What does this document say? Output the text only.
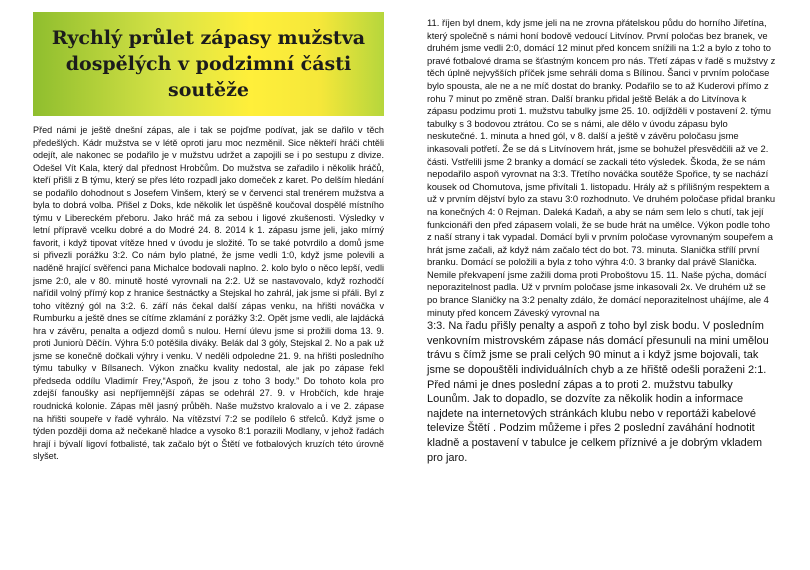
Rychlý průlet zápasy mužstva dospělých v podzimní části soutěže

Před námi je ještě dnešní zápas, ale i tak se pojďme podívat, jak se dařilo v těch předešlých. Kádr mužstva se v létě oproti jaru moc nezměnil. Sice někteří hráči chtěli odejít, ale nakonec se podařilo je v mužstvu udržet a zapojili se i po sestupu z divize. Odešel Vít Kala, který dal přednost Hrobčům. Do mužstva se zařadilo i několik hráčů, kteří přišli z B týmu, který se přes léto rozpadl jako domeček z karet. Po delším hledání se podařilo dohodnout s Josefem Vinšem, který se v červenci stal trenérem mužstva a byla to dobrá volba. Přišel z Doks, kde několik let úspěšně koučoval dospělé místního týmu v Libereckém přeboru. Jako hráč má za sebou i ligové zkušenosti. Výsledky v letní přípravě vcelku dobré a do Modré 24. 8. 2014 k 1. zápasu jsme jeli, jako mírný favorit, i když tipovat vítěze hned v úvodu je složité. To se také potvrdilo a domů jsme si přivezli porážku 3:2. Co nám bylo platné, že jsme vedli 1:0, když jsme polevili a naděně hrající svěřenci pana Michalce bodovali naplno. 2. kolo bylo o něco lepší, vedli jsme 2:0, ale v 80. minutě hosté vyrovnali na 2:2. Už se nastavovalo, když rozhodčí nařídil volný přímý kop z hranice šestnáctky a Stejskal ho zahrál, jak jsme si přáli. Byl z toho vítězný gól na 3:2. 6. září nás čekal další zápas venku, na hřišti nováčka v Rumburku a ještě dnes se cítíme zklamání z porážky 3:2. Opět jsme vedli, ale lajdácká hra v závěru, penalta a odjezd domů s nulou. Herní úlevu jsme si prožili doma 13. 9. proti Juniorù Děčín. Výhra 5:0 potěšila diváky. Belák dal 3 góly, Stejskal 2. No a pak už jsme se konečně dočkali výhry i venku. V neděli odpoledne 21. 9. na hřišti posledního týmu tabulky v Bílsanech. Výkon značku kvality nedostal, ale jak po zápase řekl předseda oddílu Vladimír Frey,“Aspoň, že jsou z toho 3 body.” Do tohoto kola pro zdejší fanoušky asi nepříjemnější zápas se odehrál 27. 9. v Hrobčích, kde hraje roudnická kolonie. Zápas měl jasný průběh. Naše mužstvo kralovalo a i ve 2. zápase na hřišti soupeře v řadě vyhrálo. Na vítězství 7:2 se podílelo 6 střelců. Když jsme o týden později doma až nečekaně hladce a vysoko 8:1 porazili Modlany, v jehož řadách hrají i bývalí ligoví fotbalisté, tak začalo být o Štětí ve fotbalových kruzích této úrovně slyšet.

11. říjen byl dnem, kdy jsme jeli na ne zrovna přátelskou půdu do horního Jiřetína, který společně s námi honí bodově vedoucí Litvínov. První poločas bez branek, ve druhém jsme vedli 2:0, domácí 12 minut před koncem snížili na 1:2 a bylo z toho to pravé fotbalové drama se šťastným koncem pro nás. Třetí zápas v řadě s mužstvy z těch úplně nejvyšších příček jsme sehráli doma s Bílinou. Šanci v prvním poločase bylo spousta, ale ne a ne míč dostat do branky. Podařilo se to až Kuderovi přímo z rohu 7 minut po změně stran. Další branku přidal ještě Belák a do Litvínova k zápasu podzimu proti 1. mužstvu tabulky jsme 25. 10. odjížděli v postavení 2. týmu tabulky s 3 bodovou ztrátou. Co se s námi, ale dělo v úvodu zápasu bylo neskutečné. 1. minuta a hned gól, v 8. další a ještě v závěru poločasu jsme inkasovali potřetí. Že se dá s Litvínovem hrát, jsme se bohužel přesvědčili až ve 2. části. Vstřelili jsme 2 branky a domácí se zackali této výsledek. Škoda, že se nám nepodařilo aspoň vyrovnat na 3:3. Třetího nováčka soutěže Spořice, ty se nachází kousek od Chomutova, jsme přivítali 1. listopadu. Hrály až s přílišným respektem a už v prvním dějství bylo za stavu 3:0 rozhodnuto. Ve druhém poločase přidal branku na konečných 4: 0 Rejman. Daleká Kadaň, a aby se nám sem lelo s chutí, tak její funkcionáři den před zápasem volali, že se bude hrát na umělce. Výkon podle toho z naší strany i tak vypadal. Domácí byli v prvním poločase vyrovnaným soupeřem a hrát jsme začali, až když nám začalo téct do bot. 73. minuta. Slanička střílí první branku. Domácí se položili a byla z toho výhra 4:0. 3 branky dal právě Slanička. Nemile překvapení jsme zažili doma proti Proboštovu 15. 11. Naše pýcha, domácí neporazitelnost padla. Už v prvním poločase jsme inkasovali 2x. Ve druhém už se po brance Slaničky na 3:2 penalty zdálo, že domácí neporazitelnost uhájíme, ale 4 minuty před koncem Záveský vyrovnal na

3:3. Na řadu přišly penalty a aspoň z toho byl zisk bodu. V posledním venkovním mistrovském zápase nás domácí přesunuli na mini umělou trávu s čímž jsme se prali celých 90 minut a i když jsme bojovali, tak jsme se dopouštěli individuálních chyb a ze hřiště odešli poraženi 2:1. Před námi je dnes poslední zápas a to proti 2. mužstvu tabulky Lounům. Jak to dopadlo, se dozvíte za několik hodin a informace najdete na internetových stránkách klubu nebo v reportáži kabelové televize Štětí . Podzim můžeme i přes 2 poslední zaváhání hodnotit kladně a postavení v tabulce je celkem příznivé a je dobrým vkladem pro jaro.
